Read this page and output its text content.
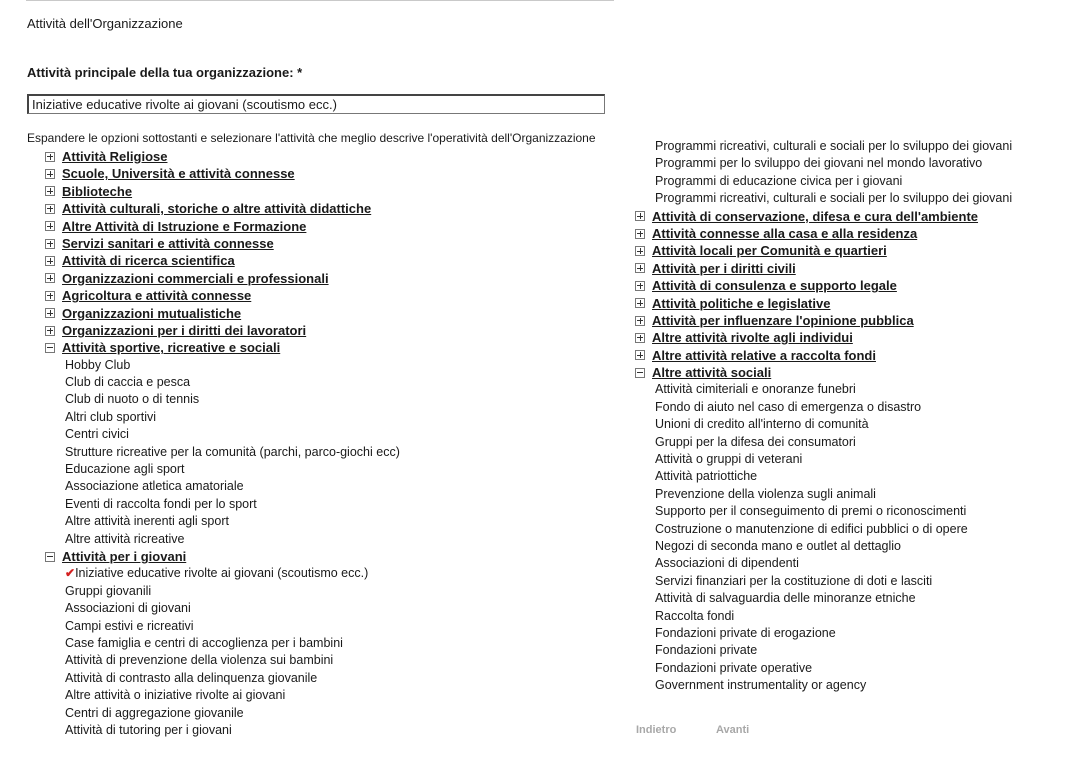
Attività dell'Organizzazione
Attività principale della tua organizzazione: *
Iniziative educative rivolte ai giovani (scoutismo ecc.)
Espandere le opzioni sottostanti e selezionare l'attività che meglio descrive l'operatività dell'Organizzazione
Attività Religiose
Scuole, Università e attività connesse
Biblioteche
Attività culturali, storiche o altre attività didattiche
Altre Attività di Istruzione e Formazione
Servizi sanitari e attività connesse
Attività di ricerca scientifica
Organizzazioni commerciali e professionali
Agricoltura e attività connesse
Organizzazioni mutualistiche
Organizzazioni per i diritti dei lavoratori
Attività sportive, ricreative e sociali
Hobby Club
Club di caccia e pesca
Club di nuoto o di tennis
Altri club sportivi
Centri civici
Strutture ricreative per la comunità (parchi, parco-giochi ecc)
Educazione agli sport
Associazione atletica amatoriale
Eventi di raccolta fondi per lo sport
Altre attività inerenti agli sport
Altre attività ricreative
Attività per i giovani
✔Iniziative educative rivolte ai giovani (scoutismo ecc.)
Gruppi giovanili
Associazioni di giovani
Campi estivi e ricreativi
Case famiglia e centri di accoglienza per i bambini
Attività di prevenzione della violenza sui bambini
Attività di contrasto alla delinquenza giovanile
Altre attività o iniziative rivolte ai giovani
Centri di aggregazione giovanile
Attività di tutoring per i giovani
Programmi ricreativi, culturali e sociali per lo sviluppo dei giovani
Programmi per lo sviluppo dei giovani nel mondo lavorativo
Programmi di educazione civica per i giovani
Programmi ricreativi, culturali e sociali per lo sviluppo dei giovani
Attività di conservazione, difesa e cura dell'ambiente
Attività connesse alla casa e alla residenza
Attività locali per Comunità e quartieri
Attività per i diritti civili
Attività di consulenza e supporto legale
Attività politiche e legislative
Attività per influenzare l'opinione pubblica
Altre attività rivolte agli individui
Altre attività relative a raccolta fondi
Altre attività sociali
Attività cimiteriali e onoranze funebri
Fondo di aiuto nel caso di emergenza o disastro
Unioni di credito all'interno di comunità
Gruppi per la difesa dei consumatori
Attività o gruppi di veterani
Attività patriottiche
Prevenzione della violenza sugli animali
Supporto per il conseguimento di premi o riconoscimenti
Costruzione o manutenzione di edifici pubblici o di opere
Negozi di seconda mano e outlet al dettaglio
Associazioni di dipendenti
Servizi finanziari per la costituzione di doti e lasciti
Attività di salvaguardia delle minoranze etniche
Raccolta fondi
Fondazioni private di erogazione
Fondazioni private
Fondazioni private operative
Government instrumentality or agency
Indietro	Avanti
